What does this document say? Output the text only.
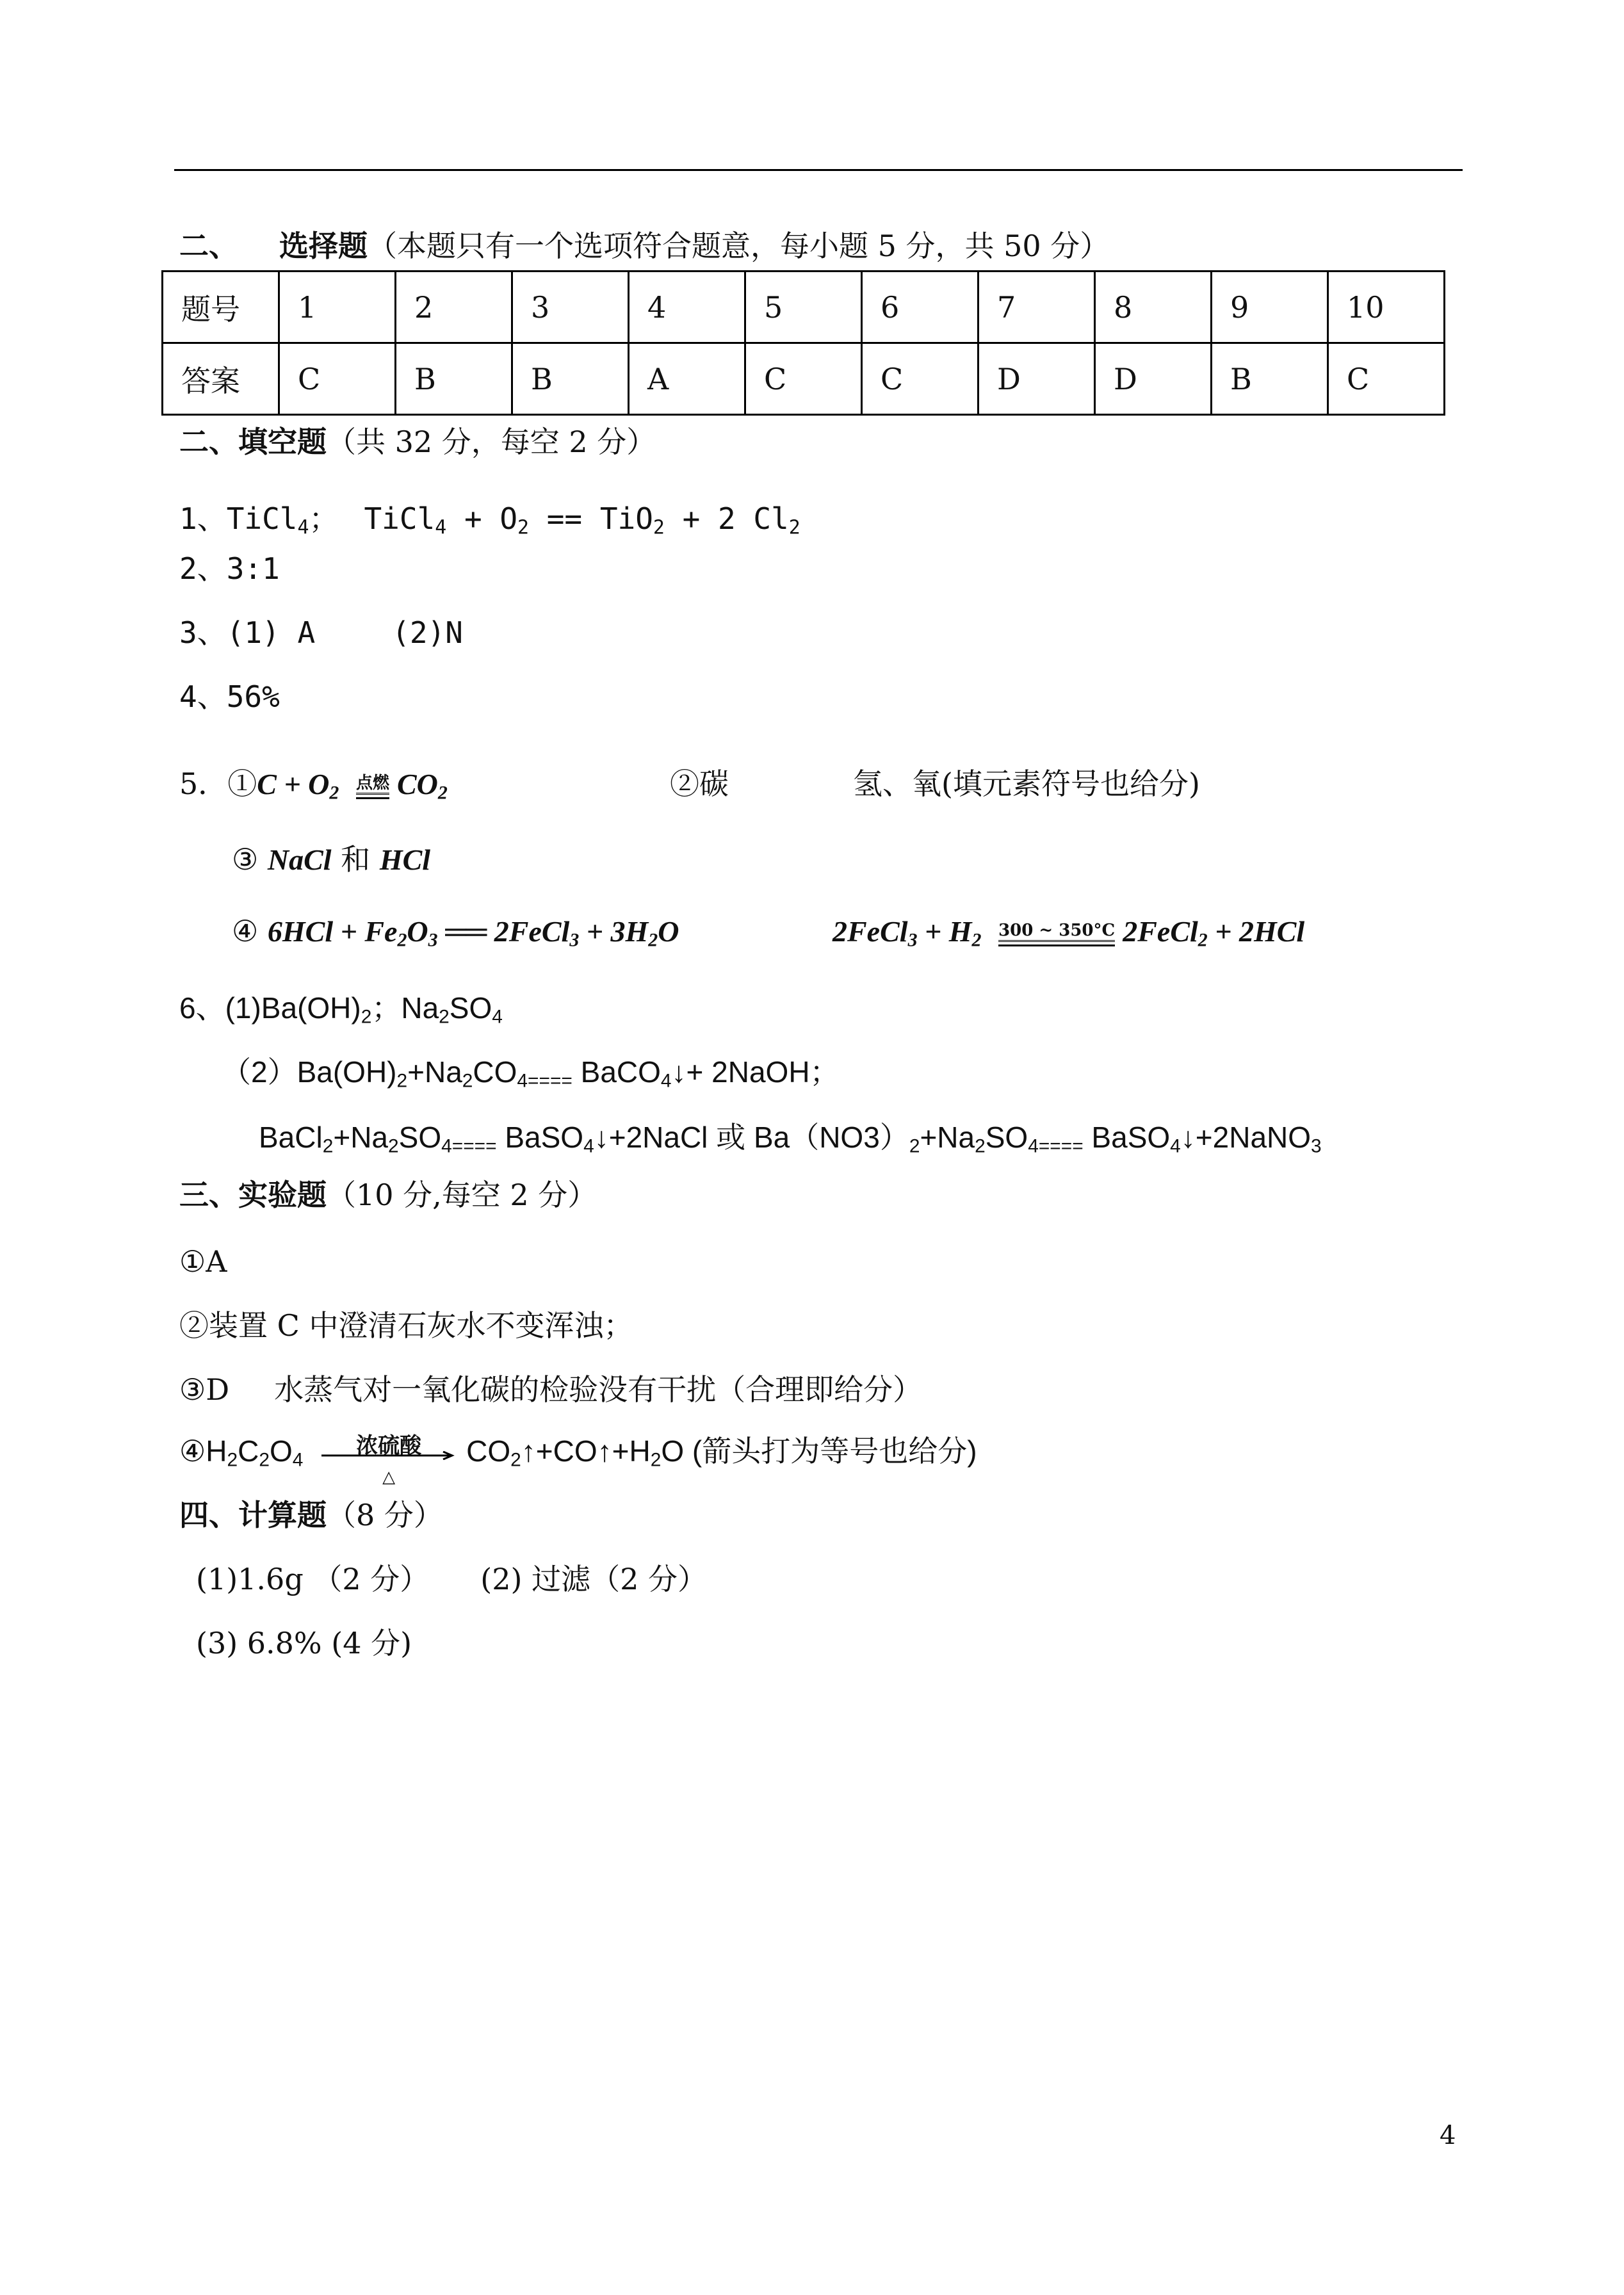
二、 选择题（本题只有一个选项符合题意，每小题 5 分，共 50 分）
题号	1	2	3	4	5	6	7	8	9	10
答案	C	B	B	A	C	C	D	D	B	C
二、填空题（共 32 分，每空 2 分）
1、TiCl$_4$； TiCl$_4$ + $O_2 == TiO_2 + 2$ $Cl_2$
2、3:1
3、(1) A	(2)N
4、56%
5．①C + $O_2$ 点燃 $CO_2$	②碳	氢、氧(填元素符号也给分)
③ NaCl 和 HCl
④ $6HCl + Fe_2O_3$ ══ 2FeCl$_3$ + $3H_2O$	2FeCl$_3$ + $H_2$ 300 ~ 350°C 2FeCl$_2$ + 2HCl
6、$(1)Ba(OH)_2$；$Na_2SO_4$
$(2)Ba(OH)_2+Na_2CO_{4====}$ BaCO$_4$↓+ 2NaOH；
$BaCl_2+Na_2SO_{4====}$ BaSO$_4$↓+2NaCl 或 $Ba(NO3)_2+Na_2SO_{4====}$ BaSO$_4$↓+2NaNO$_3$
三、实验题（10 分,每空 2 分）
①A
②装置 C 中澄清石灰水不变浑浊；
③D 水蒸气对一氧化碳的检验没有干扰（合理即给分）
$④H_2C_2O_4$
浓硫酸
△
$CO_2↑+CO↑+H_2O$ (箭头打为等号也给分)
四、计算题（8 分）
(1)1.6g （2 分） (2) 过滤（2 分）
(3) 6.8% (4 分)
4
